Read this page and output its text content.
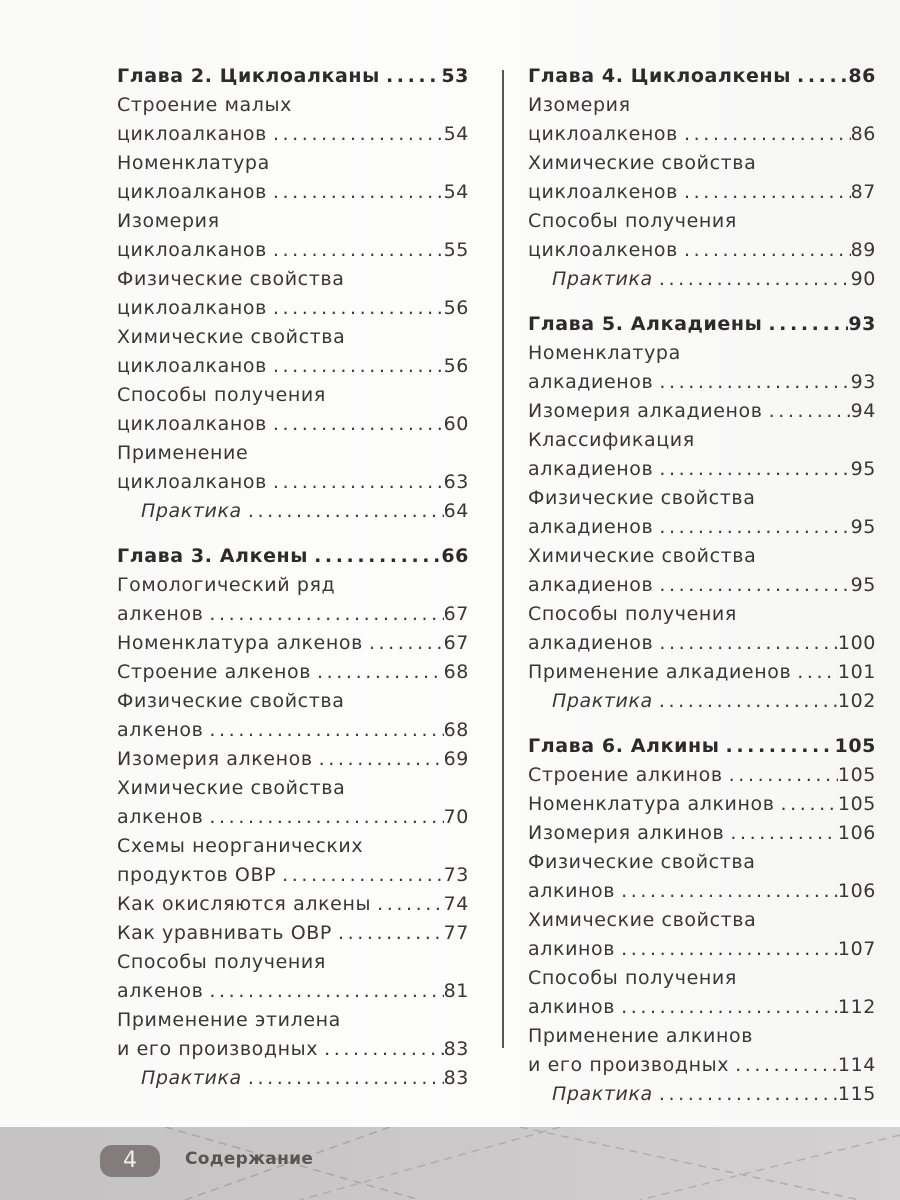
Глава 2. Циклоалканы .....	53
Строение малых
циклоалканов .....	54
Номенклатура
циклоалканов .....	54
Изомерия
циклоалканов .....	55
Физические свойства
циклоалканов .....	56
Химические свойства
циклоалканов .....	56
Способы получения
циклоалканов .....	60
Применение
циклоалканов .....	63
Практика .....	64
Глава 3. Алкены .....	66
Гомологический ряд
алкенов .....	67
Номенклатура алкенов .....	67
Строение алкенов .....	68
Физические свойства
алкенов .....	68
Изомерия алкенов .....	69
Химические свойства
алкенов .....	70
Схемы неорганических
продуктов ОВР .....	73
Как окисляются алкены .....	74
Как уравнивать ОВР .....	77
Способы получения
алкенов .....	81
Применение этилена
и его производных .....	83
Практика .....	83
Глава 4. Циклоалкены .....	86
Изомерия
циклоалкенов .....	86
Химические свойства
циклоалкенов .....	87
Способы получения
циклоалкенов .....	89
Практика .....	90
Глава 5. Алкадиены .....	93
Номенклатура
алкадиенов .....	93
Изомерия алкадиенов .....	94
Классификация
алкадиенов .....	95
Физические свойства
алкадиенов .....	95
Химические свойства
алкадиенов .....	95
Способы получения
алкадиенов .....	100
Применение алкадиенов ..... 101
Практика .....	102
Глава 6. Алкины .....	105
Строение алкинов .....	105
Номенклатура алкинов .....	105
Изомерия алкинов .....	106
Физические свойства
алкинов .....	106
Химические свойства
алкинов .....	107
Способы получения
алкинов .....	112
Применение алкинов
и его производных .....	114
Практика .....	115
4	Содержание
